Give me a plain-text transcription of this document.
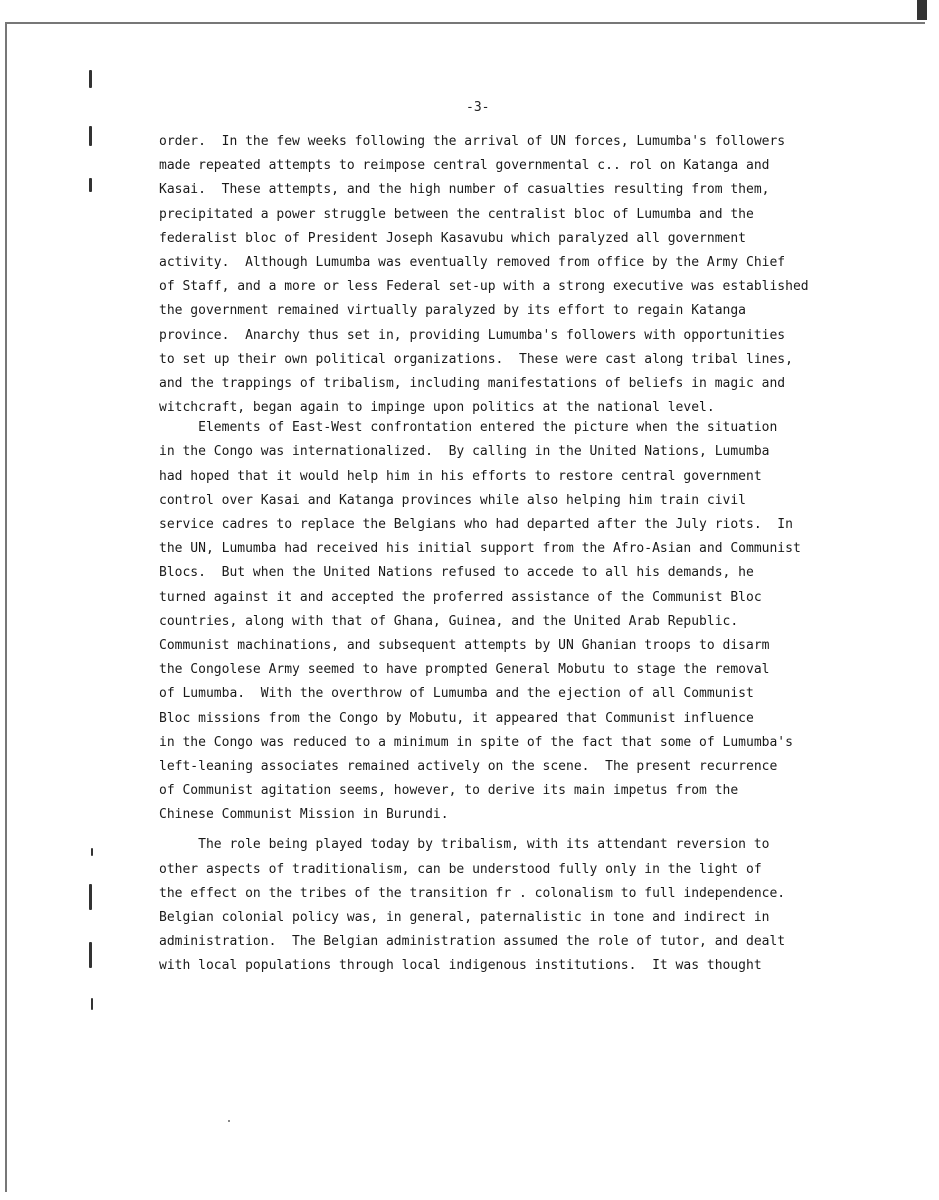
-3-
order.  In the few weeks following the arrival of UN forces, Lumumba's followers
made repeated attempts to reimpose central governmental c.. rol on Katanga and
Kasai.  These attempts, and the high number of casualties resulting from them,
precipitated a power struggle between the centralist bloc of Lumumba and the
federalist bloc of President Joseph Kasavubu which paralyzed all government
activity.  Although Lumumba was eventually removed from office by the Army Chief
of Staff, and a more or less Federal set-up with a strong executive was established
the government remained virtually paralyzed by its effort to regain Katanga
province.  Anarchy thus set in, providing Lumumba's followers with opportunities
to set up their own political organizations.  These were cast along tribal lines,
and the trappings of tribalism, including manifestations of beliefs in magic and
witchcraft, began again to impinge upon politics at the national level.
Elements of East-West confrontation entered the picture when the situation
in the Congo was internationalized.  By calling in the United Nations, Lumumba
had hoped that it would help him in his efforts to restore central government
control over Kasai and Katanga provinces while also helping him train civil
service cadres to replace the Belgians who had departed after the July riots.  In
the UN, Lumumba had received his initial support from the Afro-Asian and Communist
Blocs.  But when the United Nations refused to accede to all his demands, he
turned against it and accepted the proferred assistance of the Communist Bloc
countries, along with that of Ghana, Guinea, and the United Arab Republic.
Communist machinations, and subsequent attempts by UN Ghanian troops to disarm
the Congolese Army seemed to have prompted General Mobutu to stage the removal
of Lumumba.  With the overthrow of Lumumba and the ejection of all Communist
Bloc missions from the Congo by Mobutu, it appeared that Communist influence
in the Congo was reduced to a minimum in spite of the fact that some of Lumumba's
left-leaning associates remained actively on the scene.  The present recurrence
of Communist agitation seems, however, to derive its main impetus from the
Chinese Communist Mission in Burundi.
The role being played today by tribalism, with its attendant reversion to
other aspects of traditionalism, can be understood fully only in the light of
the effect on the tribes of the transition fr . colonalism to full independence.
Belgian colonial policy was, in general, paternalistic in tone and indirect in
administration.  The Belgian administration assumed the role of tutor, and dealt
with local populations through local indigenous institutions.  It was thought
